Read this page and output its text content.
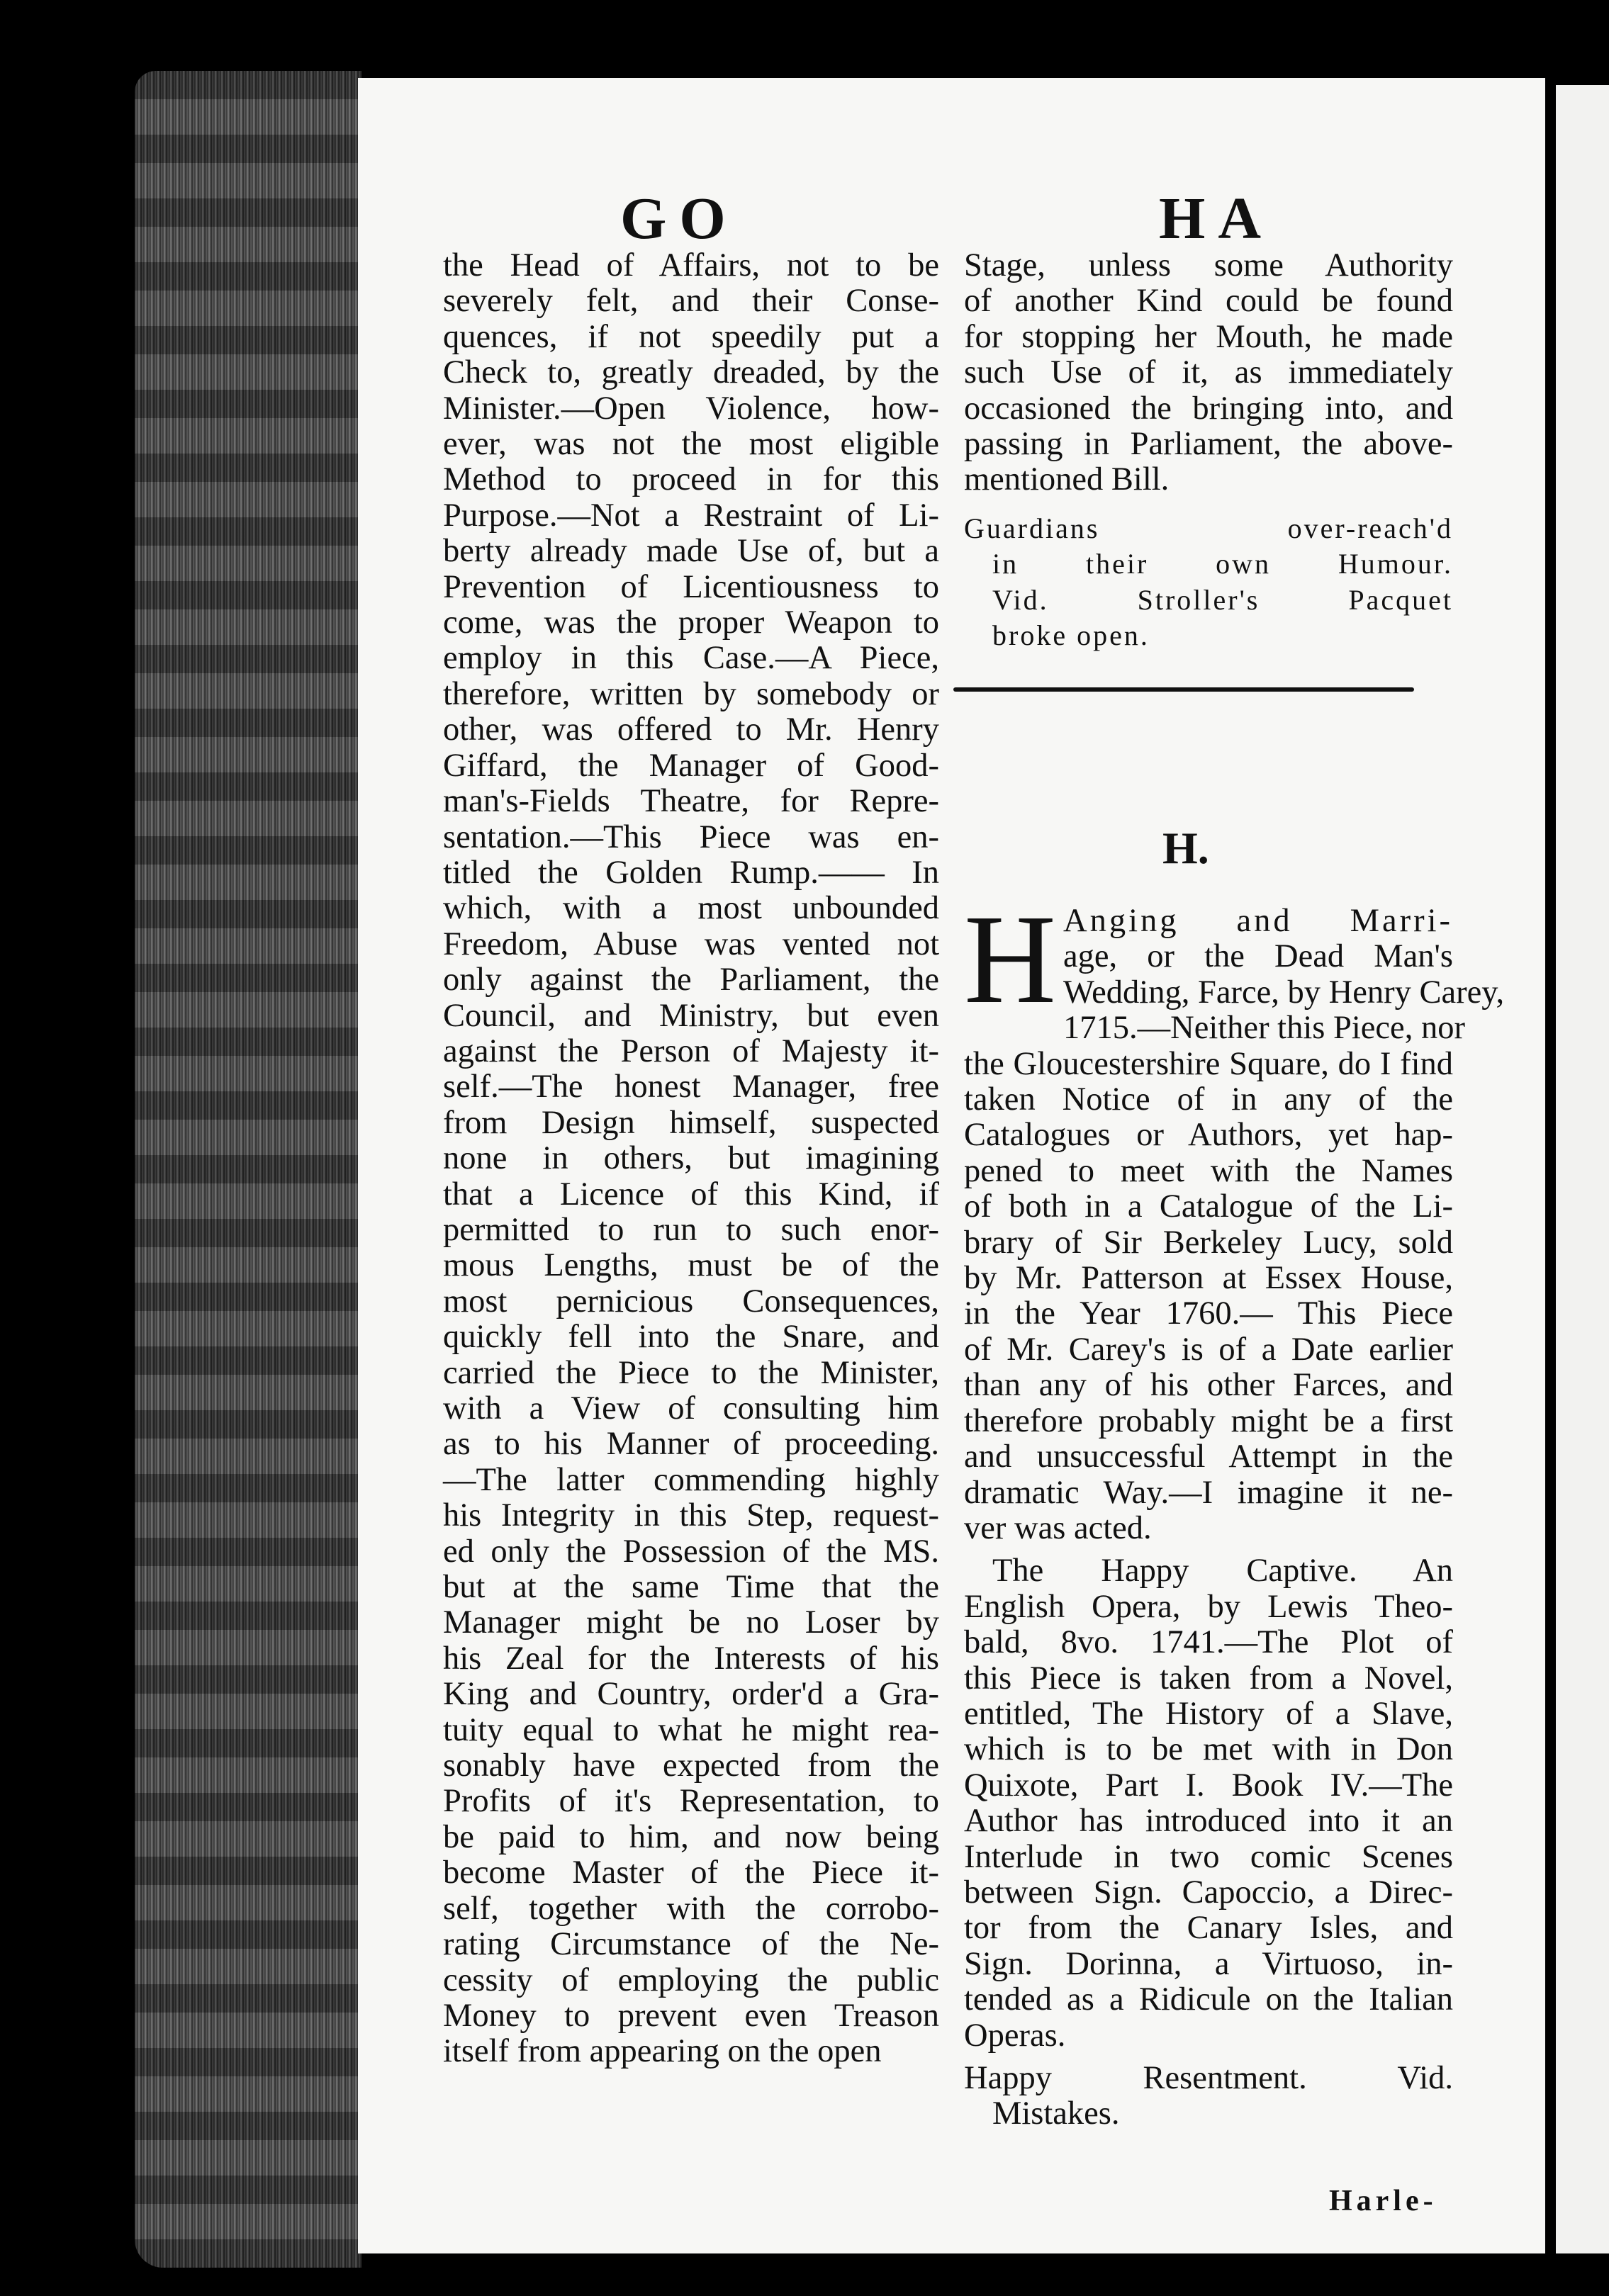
GO	HA
the Head of Affairs, not to be
severely felt, and their Conse-
quences, if not speedily put a
Check to, greatly dreaded, by the
Minister.—Open Violence, how-
ever, was not the most eligible
Method to proceed in for this
Purpose.—Not a Restraint of Li-
berty already made Use of, but a
Prevention of Licentiousness to
come, was the proper Weapon to
employ in this Case.—A Piece,
therefore, written by somebody or
other, was offered to Mr. Henry
Giffard, the Manager of Good-
man's-Fields Theatre, for Repre-
sentation.—This Piece was en-
titled the Golden Rump.—— In
which, with a most unbounded
Freedom, Abuse was vented not
only against the Parliament, the
Council, and Ministry, but even
against the Person of Majesty it-
self.—The honest Manager, free
from Design himself, suspected
none in others, but imagining
that a Licence of this Kind, if
permitted to run to such enor-
mous Lengths, must be of the
most pernicious Consequences,
quickly fell into the Snare, and
carried the Piece to the Minister,
with a View of consulting him
as to his Manner of proceeding.
—The latter commending highly
his Integrity in this Step, request-
ed only the Possession of the MS.
but at the same Time that the
Manager might be no Loser by
his Zeal for the Interests of his
King and Country, order'd a Gra-
tuity equal to what he might rea-
sonably have expected from the
Profits of it's Representation, to
be paid to him, and now being
become Master of the Piece it-
self, together with the corrobo-
rating Circumstance of the Ne-
cessity of employing the public
Money to prevent even Treason
itself from appearing on the open
Stage, unless some Authority
of another Kind could be found
for stopping her Mouth, he made
such Use of it, as immediately
occasioned the bringing into, and
passing in Parliament, the above-
mentioned Bill.
Guardians over-reach'd
in their own Humour.
Vid. Stroller's Pacquet
broke open.
H.
H Anging and Marri-
age, or the Dead Man's
Wedding, Farce, by Henry Carey,
1715.—Neither this Piece, nor
the Gloucestershire Square, do I find
taken Notice of in any of the
Catalogues or Authors, yet hap-
pened to meet with the Names
of both in a Catalogue of the Li-
brary of Sir Berkeley Lucy, sold
by Mr. Patterson at Essex House,
in the Year 1760.— This Piece
of Mr. Carey's is of a Date earlier
than any of his other Farces, and
therefore probably might be a first
and unsuccessful Attempt in the
dramatic Way.—I imagine it ne-
ver was acted.
The Happy Captive. An
English Opera, by Lewis Theo-
bald, 8vo. 1741.—The Plot of
this Piece is taken from a Novel,
entitled, The History of a Slave,
which is to be met with in Don
Quixote, Part I. Book IV.—The
Author has introduced into it an
Interlude in two comic Scenes
between Sign. Capoccio, a Direc-
tor from the Canary Isles, and
Sign. Dorinna, a Virtuoso, in-
tended as a Ridicule on the Italian
Operas.
Happy Resentment. Vid.
Mistakes.
Harle-
